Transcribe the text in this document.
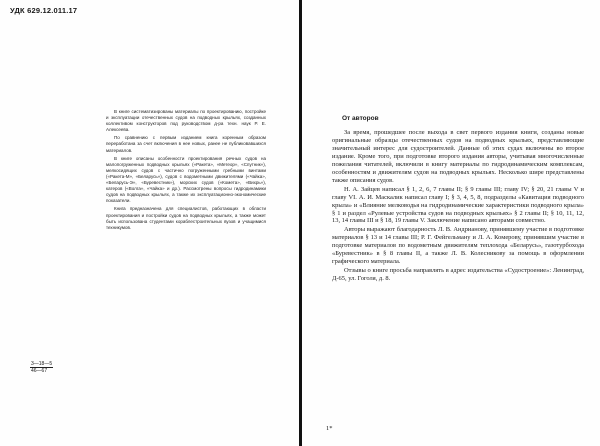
УДК 629.12.011.17

В книге систематизированы материалы по проектированию, постройке и эксплуатации отечественных судов на подводных крыльях, созданных коллективом конструкторов под руководством д-ра техн. наук Р. Е. Алексеева.

По сравнению с первым изданием книга коренным образом переработана за счет включения в нее новых, ранее не публиковавшихся материалов.

В книге описаны особенности проектирования речных судов на малопогруженных подводных крыльях («Ракета», «Метеор», «Спутник»), мелкосидящих судов с частично погруженными гребными винтами («Ракета-М», «Беларусь»), судов с водометными движителями («Чайка», «Беларусь-Э», «Буревестник»), морских судов («Комета», «Вихрь»), катеров («Волга», «Чайка» и др.). Рассмотрены вопросы гидродинамики судов на подводных крыльях, а также их эксплуатационно-экономические показатели.

Книга предназначена для специалистов, работающих в области проектирования и постройки судов на подводных крыльях, а также может быть использована студентами кораблестроительных вузов и учащимися техникумов.

3—18—5
46—67
От авторов

За время, прошедшее после выхода в свет первого издания книги, созданы новые оригинальные образцы отечественных судов на подводных крыльях, представляющие значительный интерес для судостроителей. Данные об этих судах включены во второе издание. Кроме того, при подготовке второго издания авторы, учитывая многочисленные пожелания читателей, включили в книгу материалы по гидродинамическим комплексам, особенностям и движителям судов на подводных крыльях. Несколько шире представлены также описания судов.

Н. А. Зайцев написал § 1, 2, 6, 7 главы II; § 9 главы III; главу IV; § 20, 21 главы V и главу VI. А. И. Маскалик написал главу I; § 3, 4, 5, 8, подразделы «Кавитация подводного крыла» и «Влияние мелководья на гидродинамические характеристики подводного крыла» § 1 и раздел «Рулевые устройства судов на подводных крыльях» § 2 главы II; § 10, 11, 12, 13, 14 главы III и § 18, 19 главы V. Заключение написано авторами совместно.

Авторы выражают благодарность Л. В. Андрианову, принявшему участие в подготовке материалов § 13 и 14 главы III; Р. Г. Фейгельману и Л. А. Комерову, принявшим участие в подготовке материалов по водометным движителям теплохода «Беларусь», газотурбохода «Буревестник» в § 8 главы II, а также Л. В. Колесникову за помощь в оформлении графического материала.

Отзывы о книге просьба направлять в адрес издательства «Судостроение»: Ленинград, Д-65, ул. Гоголя, д. 8.

1*
